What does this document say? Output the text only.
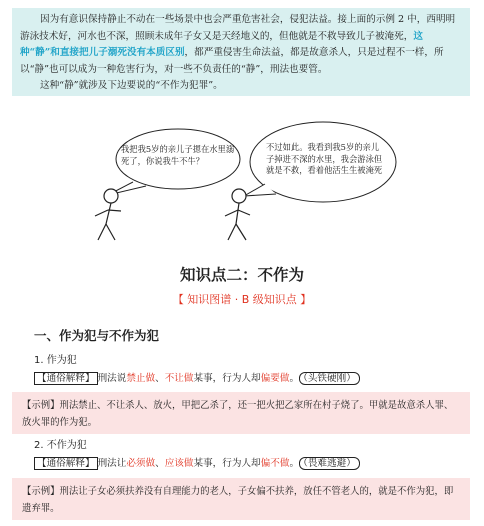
因为有意识保持静止不动在一些场景中也会严重危害社会，侵犯法益。接上面的示例 2 中，西明明游泳技术好，河水也不深，照顾未成年子女又是天经地义的，但他就是不救导致儿子被淹死，这种“静”和直接把儿子溺死没有本质区别，都严重侵害生命法益，都是故意杀人，只是过程不一样，所以“静”也可以成为一种危害行为，对一些不负责任的“静”，刑法也要管。

这种“静”就涉及下边要说的“不作为犯罪”。

我把我5岁的亲儿子摁在水里溺死了，你说我牛不牛？
不过如此。我看到我5岁的亲儿子掉进不深的水里，我会游泳但就是不救，看着他活生生被淹死
知识点二：不作为
【 知识图谱 · B 级知识点 】
一、作为犯与不作为犯
1. 作为犯
【通俗解释】 刑法说禁止做、不让做某事，行为人却偏要做。 （头铁硬刚）
【示例】刑法禁止、不让杀人、放火，甲把乙杀了，还一把火把乙家所在村子烧了。甲就是故意杀人罪、放火罪的作为犯。
2. 不作为犯
【通俗解释】 刑法让必须做、应该做某事，行为人却偏不做。 （畏难逃避）
【示例】刑法让子女必须扶养没有自理能力的老人，子女偏不扶养，放任不管老人的，就是不作为犯，即遗弃罪。
